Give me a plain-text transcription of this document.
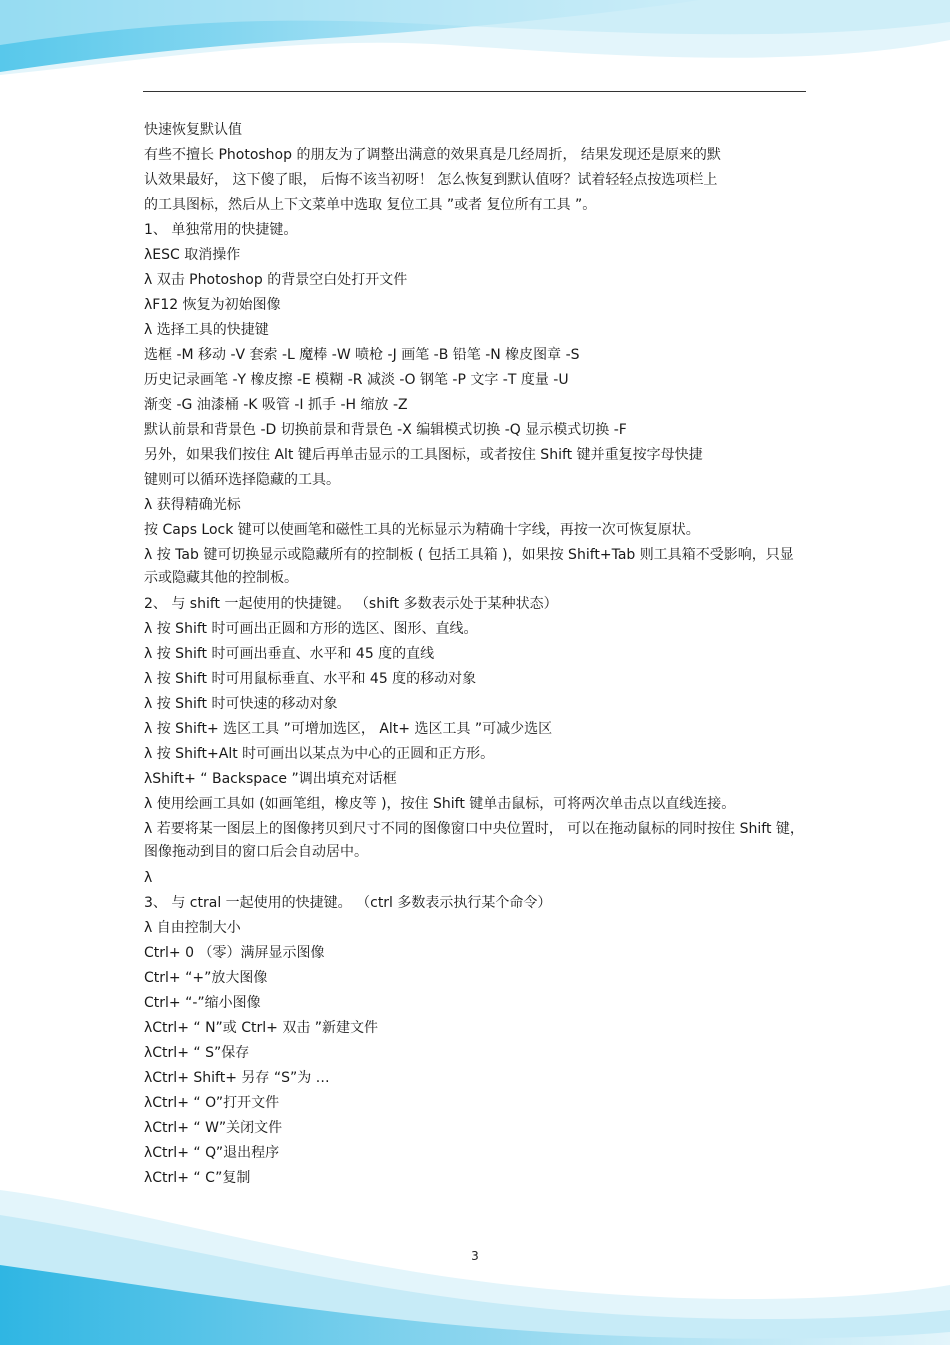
快速恢复默认值
有些不擅长 Photoshop 的朋友为了调整出满意的效果真是几经周折， 结果发现还是原来的默
认效果最好， 这下傻了眼， 后悔不该当初呀！ 怎么恢复到默认值呀？试着轻轻点按选项栏上
的工具图标，然后从上下文菜单中选取 复位工具 ”或者 复位所有工具 ”。
1、 单独常用的快捷键。
λESC 取消操作
λ 双击 Photoshop 的背景空白处打开文件
λF12 恢复为初始图像
λ 选择工具的快捷键
选框 -M 移动 -V 套索 -L 魔棒 -W 喷枪 -J 画笔 -B 铅笔 -N 橡皮图章 -S
历史记录画笔 -Y 橡皮擦 -E 模糊 -R 减淡 -O 钢笔 -P 文字 -T 度量 -U
渐变 -G 油漆桶 -K 吸管 -I 抓手 -H 缩放 -Z
默认前景和背景色 -D 切换前景和背景色 -X 编辑模式切换 -Q 显示模式切换 -F
另外，如果我们按住 Alt 键后再单击显示的工具图标，或者按住 Shift 键并重复按字母快捷
键则可以循环选择隐藏的工具。
λ 获得精确光标
按 Caps Lock 键可以使画笔和磁性工具的光标显示为精确十字线，再按一次可恢复原状。
λ 按 Tab 键可切换显示或隐藏所有的控制板 ( 包括工具箱 )，如果按 Shift+Tab 则工具箱不受影响，只显示或隐藏其他的控制板。
2、 与 shift 一起使用的快捷键。 （shift 多数表示处于某种状态）
λ 按 Shift 时可画出正圆和方形的选区、图形、直线。
λ 按 Shift 时可画出垂直、水平和 45 度的直线
λ 按 Shift 时可用鼠标垂直、水平和 45 度的移动对象
λ 按 Shift 时可快速的移动对象
λ 按 Shift+ 选区工具 ”可增加选区， Alt+ 选区工具 ”可减少选区
λ 按 Shift+Alt 时可画出以某点为中心的正圆和正方形。
λShift+ “ Backspace ”调出填充对话框
λ 使用绘画工具如 (如画笔组，橡皮等 )，按住 Shift 键单击鼠标，可将两次单击点以直线连接。
λ 若要将某一图层上的图像拷贝到尺寸不同的图像窗口中央位置时， 可以在拖动鼠标的同时按住 Shift 键，图像拖动到目的窗口后会自动居中。
λ
3、 与 ctral 一起使用的快捷键。 （ctrl 多数表示执行某个命令）
λ 自由控制大小
Ctrl+ 0 （零）满屏显示图像
Ctrl+ “+”放大图像
Ctrl+ “-”缩小图像
λCtrl+ “ N”或 Ctrl+ 双击 ”新建文件
λCtrl+ “ S”保存
λCtrl+ Shift+ 另存 “S”为 …
λCtrl+ “ O”打开文件
λCtrl+ “ W”关闭文件
λCtrl+ “ Q”退出程序
λCtrl+ “ C”复制
3
